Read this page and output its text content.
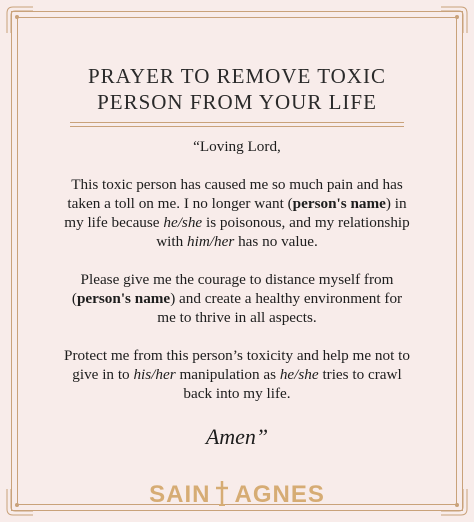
PRAYER TO REMOVE TOXIC
PERSON FROM YOUR LIFE

“Loving Lord,

This toxic person has caused me so much pain and has
taken a toll on me. I no longer want (person's name) in
my life because he/she is poisonous, and my relationship
with him/her has no value.

Please give me the courage to distance myself from
(person's name) and create a healthy environment for
me to thrive in all aspects.

Protect me from this person’s toxicity and help me not to
give in to his/her manipulation as he/she tries to crawl
back into my life.

Amen”
SAIN AGNES
